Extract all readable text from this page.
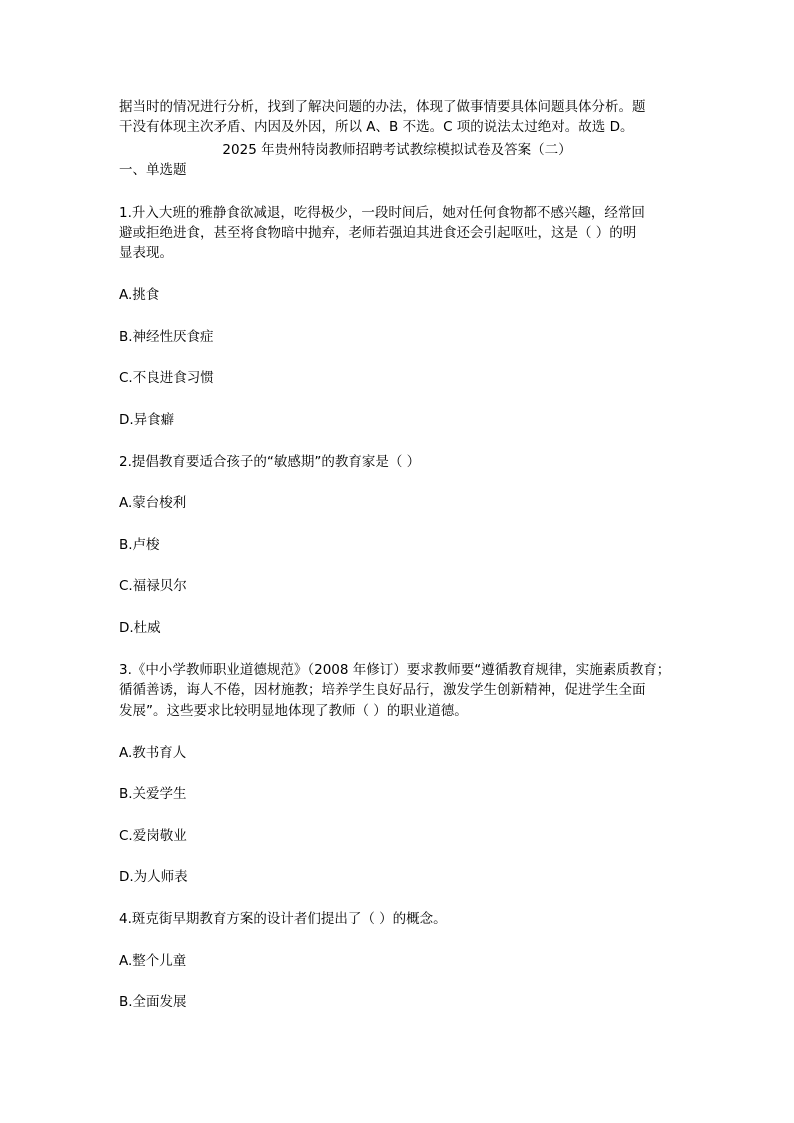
据当时的情况进行分析，找到了解决问题的办法，体现了做事情要具体问题具体分析。题
干没有体现主次矛盾、内因及外因，所以 A、B 不选。C 项的说法太过绝对。故选 D。
2025 年贵州特岗教师招聘考试教综模拟试卷及答案（二）
一、单选题
1.升入大班的雅静食欲减退，吃得极少，一段时间后，她对任何食物都不感兴趣，经常回
避或拒绝进食，甚至将食物暗中抛弃，老师若强迫其进食还会引起呕吐，这是（ ）的明
显表现。
A.挑食
B.神经性厌食症
C.不良进食习惯
D.异食癖
2.提倡教育要适合孩子的“敏感期”的教育家是（ ）
A.蒙台梭利
B.卢梭
C.福禄贝尔
D.杜威
3.《中小学教师职业道德规范》（2008 年修订）要求教师要“遵循教育规律，实施素质教育；
循循善诱，诲人不倦，因材施教；培养学生良好品行，激发学生创新精神，促进学生全面
发展”。这些要求比较明显地体现了教师（ ）的职业道德。
A.教书育人
B.关爱学生
C.爱岗敬业
D.为人师表
4.斑克街早期教育方案的设计者们提出了（ ）的概念。
A.整个儿童
B.全面发展
